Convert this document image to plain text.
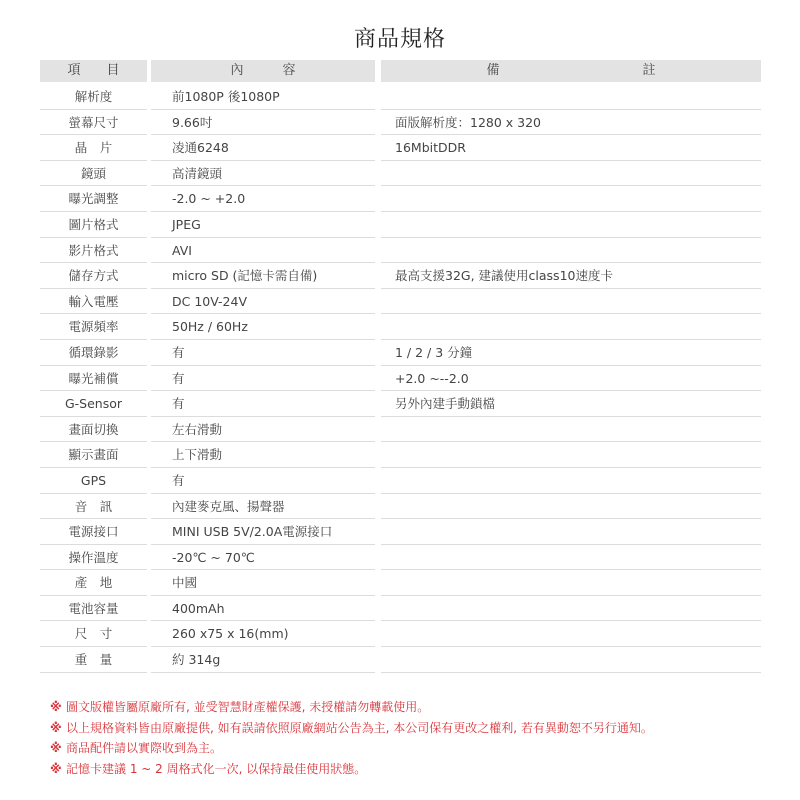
商品規格
項　　目	內　　　容	備　　　　　　　　　　　註
解析度	前1080P 後1080P
螢幕尺寸	9.66吋	面版解析度：1280 x 320
晶　片	凌通6248	16MbitDDR
鏡頭	高清鏡頭
曝光調整	-2.0 ~ +2.0
圖片格式	JPEG
影片格式	AVI
儲存方式	micro SD (記憶卡需自備)	最高支援32G, 建議使用class10速度卡
輸入電壓	DC 10V-24V
電源頻率	50Hz / 60Hz
循環錄影	有	1 / 2 / 3 分鐘
曝光補償	有	+2.0 ~--2.0
G-Sensor	有	另外內建手動鎖檔
畫面切換	左右滑動
顯示畫面	上下滑動
GPS	有
音　訊	內建麥克風、揚聲器
電源接口	MINI USB 5V/2.0A電源接口
操作溫度	-20℃ ~ 70℃
產　地	中國
電池容量	400mAh
尺　寸	260 x75 x 16(mm)
重　量	約 314g
※ 圖文版權皆屬原廠所有, 並受智慧財產權保護, 未授權請勿轉載使用。
※ 以上規格資料皆由原廠提供, 如有誤請依照原廠網站公告為主, 本公司保有更改之權利, 若有異動恕不另行通知。
※ 商品配件請以實際收到為主。
※ 記憶卡建議 1 ~ 2 周格式化一次, 以保持最佳使用狀態。
